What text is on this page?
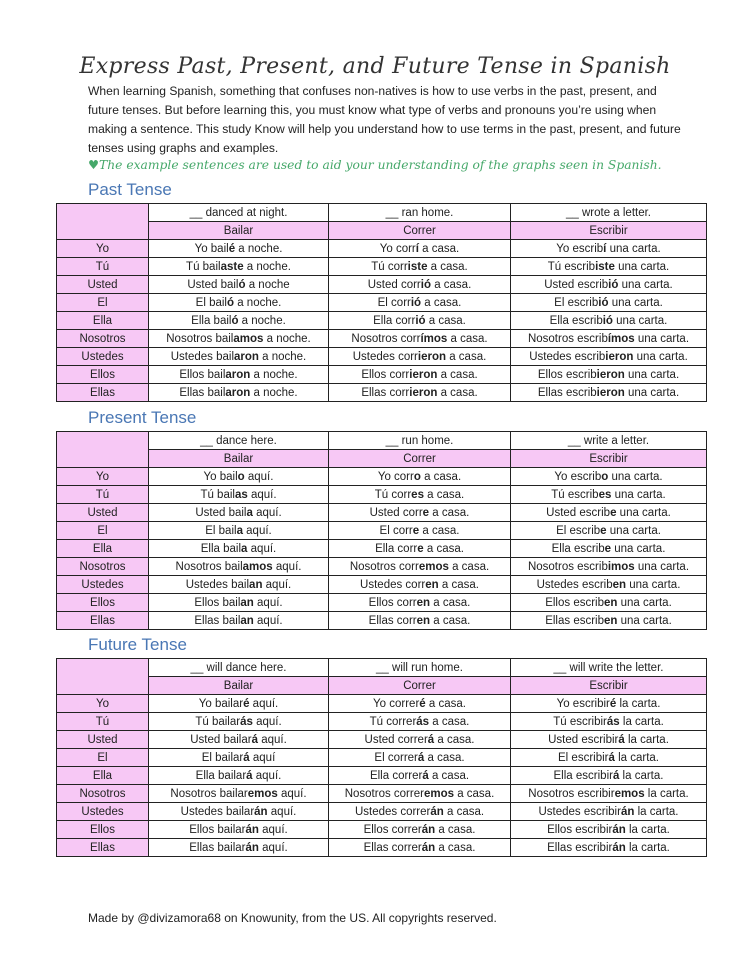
Express Past, Present, and Future Tense in Spanish
When learning Spanish, something that confuses non-natives is how to use verbs in the past, present, and future tenses. But before learning this, you must know what type of verbs and pronouns you’re using when making a sentence. This study Know will help you understand how to use terms in the past, present, and future tenses using graphs and examples.
♥The example sentences are used to aid your understanding of the graphs seen in Spanish.
Past Tense
	__ danced at night.	__ ran home.	__ wrote a letter.
	Bailar	Correr	Escribir
Yo	Yo bailé a noche.	Yo corrí a casa.	Yo escribí una carta.
Tú	Tú bailaste a noche.	Tú corriste a casa.	Tú escribiste una carta.
Usted	Usted bailó a noche	Usted corrió a casa.	Usted escribió una carta.
El	El bailó a noche.	El corrió a casa.	El escribió una carta.
Ella	Ella bailó a noche.	Ella corrió a casa.	Ella escribió una carta.
Nosotros	Nosotros bailamos a noche.	Nosotros corrímos a casa.	Nosotros escribímos una carta.
Ustedes	Ustedes bailaron a noche.	Ustedes corrieron a casa.	Ustedes escribieron una carta.
Ellos	Ellos bailaron a noche.	Ellos corrieron a casa.	Ellos escribieron una carta.
Ellas	Ellas bailaron a noche.	Ellas corrieron a casa.	Ellas escribieron una carta.
Present Tense
	__ dance here.	__ run home.	__ write a letter.
	Bailar	Correr	Escribir
Yo	Yo bailo aquí.	Yo corro a casa.	Yo escribo una carta.
Tú	Tú bailas aquí.	Tú corres a casa.	Tú escribes una carta.
Usted	Usted baila aquí.	Usted corre a casa.	Usted escribe una carta.
El	El baila aquí.	El corre a casa.	El escribe una carta.
Ella	Ella baila aquí.	Ella corre a casa.	Ella escribe una carta.
Nosotros	Nosotros bailamos aquí.	Nosotros corremos a casa.	Nosotros escribimos una carta.
Ustedes	Ustedes bailan aquí.	Ustedes corren a casa.	Ustedes escriben una carta.
Ellos	Ellos bailan aquí.	Ellos corren a casa.	Ellos escriben una carta.
Ellas	Ellas bailan aquí.	Ellas corren a casa.	Ellas escriben una carta.
Future Tense
	__ will dance here.	__ will run home.	__ will write the letter.
	Bailar	Correr	Escribir
Yo	Yo bailaré aquí.	Yo correré a casa.	Yo escribiré la carta.
Tú	Tú bailarás aquí.	Tú correrás a casa.	Tú escribirás la carta.
Usted	Usted bailará aquí.	Usted correrá a casa.	Usted escribirá la carta.
El	El bailará aquí	El correrá a casa.	El escribirá la carta.
Ella	Ella bailará aquí.	Ella correrá a casa.	Ella escribirá la carta.
Nosotros	Nosotros bailaremos aquí.	Nosotros correremos a casa.	Nosotros escribiremos la carta.
Ustedes	Ustedes bailarán aquí.	Ustedes correrán a casa.	Ustedes escribirán la carta.
Ellos	Ellos bailarán aquí.	Ellos correrán a casa.	Ellos escribirán la carta.
Ellas	Ellas bailarán aquí.	Ellas correrán a casa.	Ellas escribirán la carta.
Made by @divizamora68 on Knowunity, from the US. All copyrights reserved.
